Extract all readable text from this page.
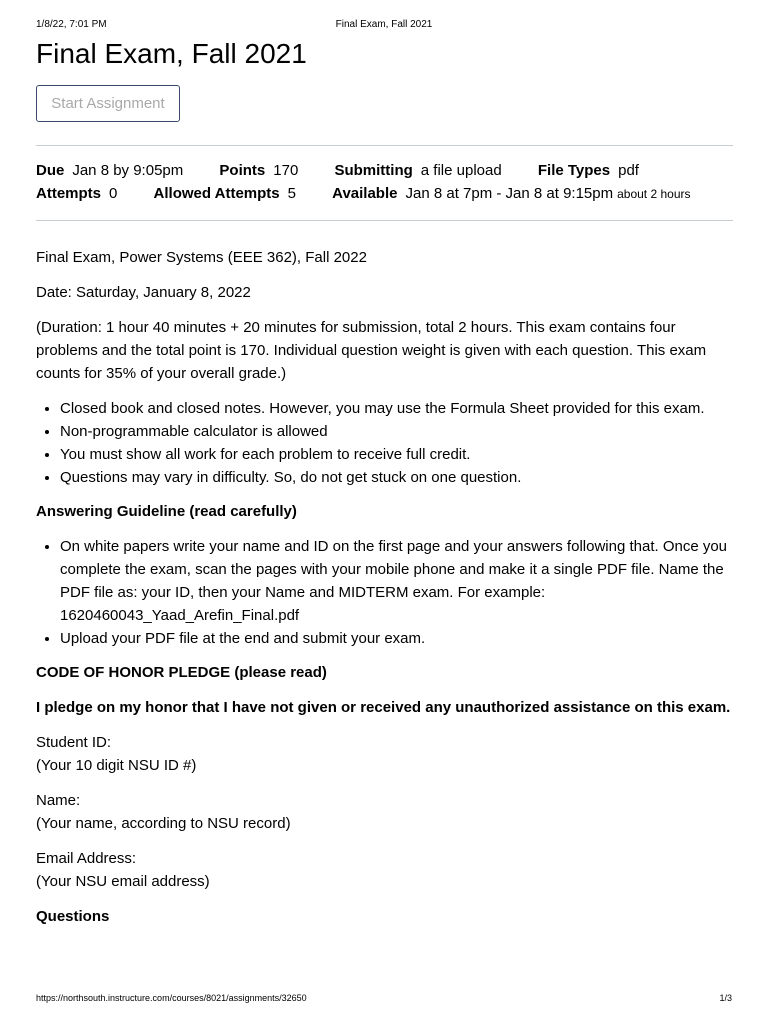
1/8/22, 7:01 PM	Final Exam, Fall 2021
Final Exam, Fall 2021
Start Assignment
Due Jan 8 by 9:05pm Points 170 Submitting a file upload File Types pdf
Attempts 0 Allowed Attempts 5 Available Jan 8 at 7pm - Jan 8 at 9:15pm about 2 hours

Final Exam, Power Systems (EEE 362), Fall 2022

Date: Saturday, January 8, 2022

(Duration: 1 hour 40 minutes + 20 minutes for submission, total 2 hours. This exam contains four problems and the total point is 170. Individual question weight is given with each question. This exam counts for 35% of your overall grade.)

• Closed book and closed notes. However, you may use the Formula Sheet provided for this exam.
• Non-programmable calculator is allowed
• You must show all work for each problem to receive full credit.
• Questions may vary in difficulty. So, do not get stuck on one question.

Answering Guideline (read carefully)

• On white papers write your name and ID on the first page and your answers following that. Once you complete the exam, scan the pages with your mobile phone and make it a single PDF file. Name the PDF file as: your ID, then your Name and MIDTERM exam. For example: 1620460043_Yaad_Arefin_Final.pdf
• Upload your PDF file at the end and submit your exam.

CODE OF HONOR PLEDGE (please read)

I pledge on my honor that I have not given or received any unauthorized assistance on this exam.

Student ID:
(Your 10 digit NSU ID #)

Name:
(Your name, according to NSU record)

Email Address:
(Your NSU email address)

Questions

https://northsouth.instructure.com/courses/8021/assignments/32650	1/3
